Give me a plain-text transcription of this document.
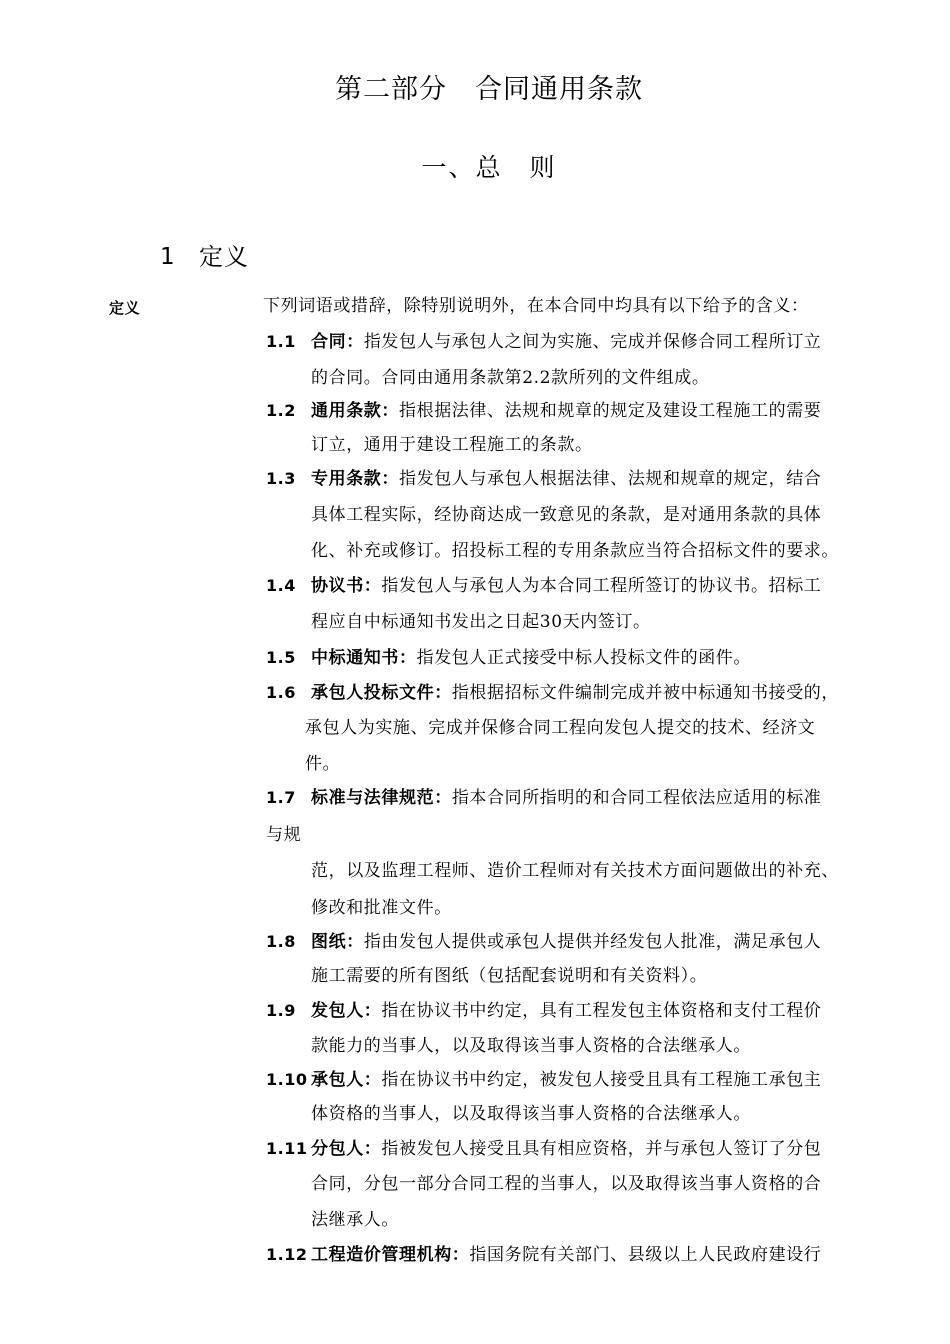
第二部分　合同通用条款
一、总　则
1 定义
定义	下列词语或措辞，除特别说明外，在本合同中均具有以下给予的含义：
1.1 合同：指发包人与承包人之间为实施、完成并保修合同工程所订立
的合同。合同由通用条款第2.2款所列的文件组成。
1.2 通用条款：指根据法律、法规和规章的规定及建设工程施工的需要
订立，通用于建设工程施工的条款。
1.3 专用条款：指发包人与承包人根据法律、法规和规章的规定，结合
具体工程实际，经协商达成一致意见的条款，是对通用条款的具体
化、补充或修订。招投标工程的专用条款应当符合招标文件的要求。
1.4 协议书：指发包人与承包人为本合同工程所签订的协议书。招标工
程应自中标通知书发出之日起30天内签订。
1.5 中标通知书：指发包人正式接受中标人投标文件的函件。
1.6 承包人投标文件：指根据招标文件编制完成并被中标通知书接受的，
承包人为实施、完成并保修合同工程向发包人提交的技术、经济文
件。
1.7 标准与法律规范：指本合同所指明的和合同工程依法应适用的标准
与规
范，以及监理工程师、造价工程师对有关技术方面问题做出的补充、
修改和批准文件。
1.8 图纸：指由发包人提供或承包人提供并经发包人批准，满足承包人
施工需要的所有图纸（包括配套说明和有关资料）。
1.9 发包人：指在协议书中约定，具有工程发包主体资格和支付工程价
款能力的当事人，以及取得该当事人资格的合法继承人。
1.10 承包人：指在协议书中约定，被发包人接受且具有工程施工承包主
体资格的当事人，以及取得该当事人资格的合法继承人。
1.11 分包人：指被发包人接受且具有相应资格，并与承包人签订了分包
合同，分包一部分合同工程的当事人，以及取得该当事人资格的合
法继承人。
1.12 工程造价管理机构：指国务院有关部门、县级以上人民政府建设行
